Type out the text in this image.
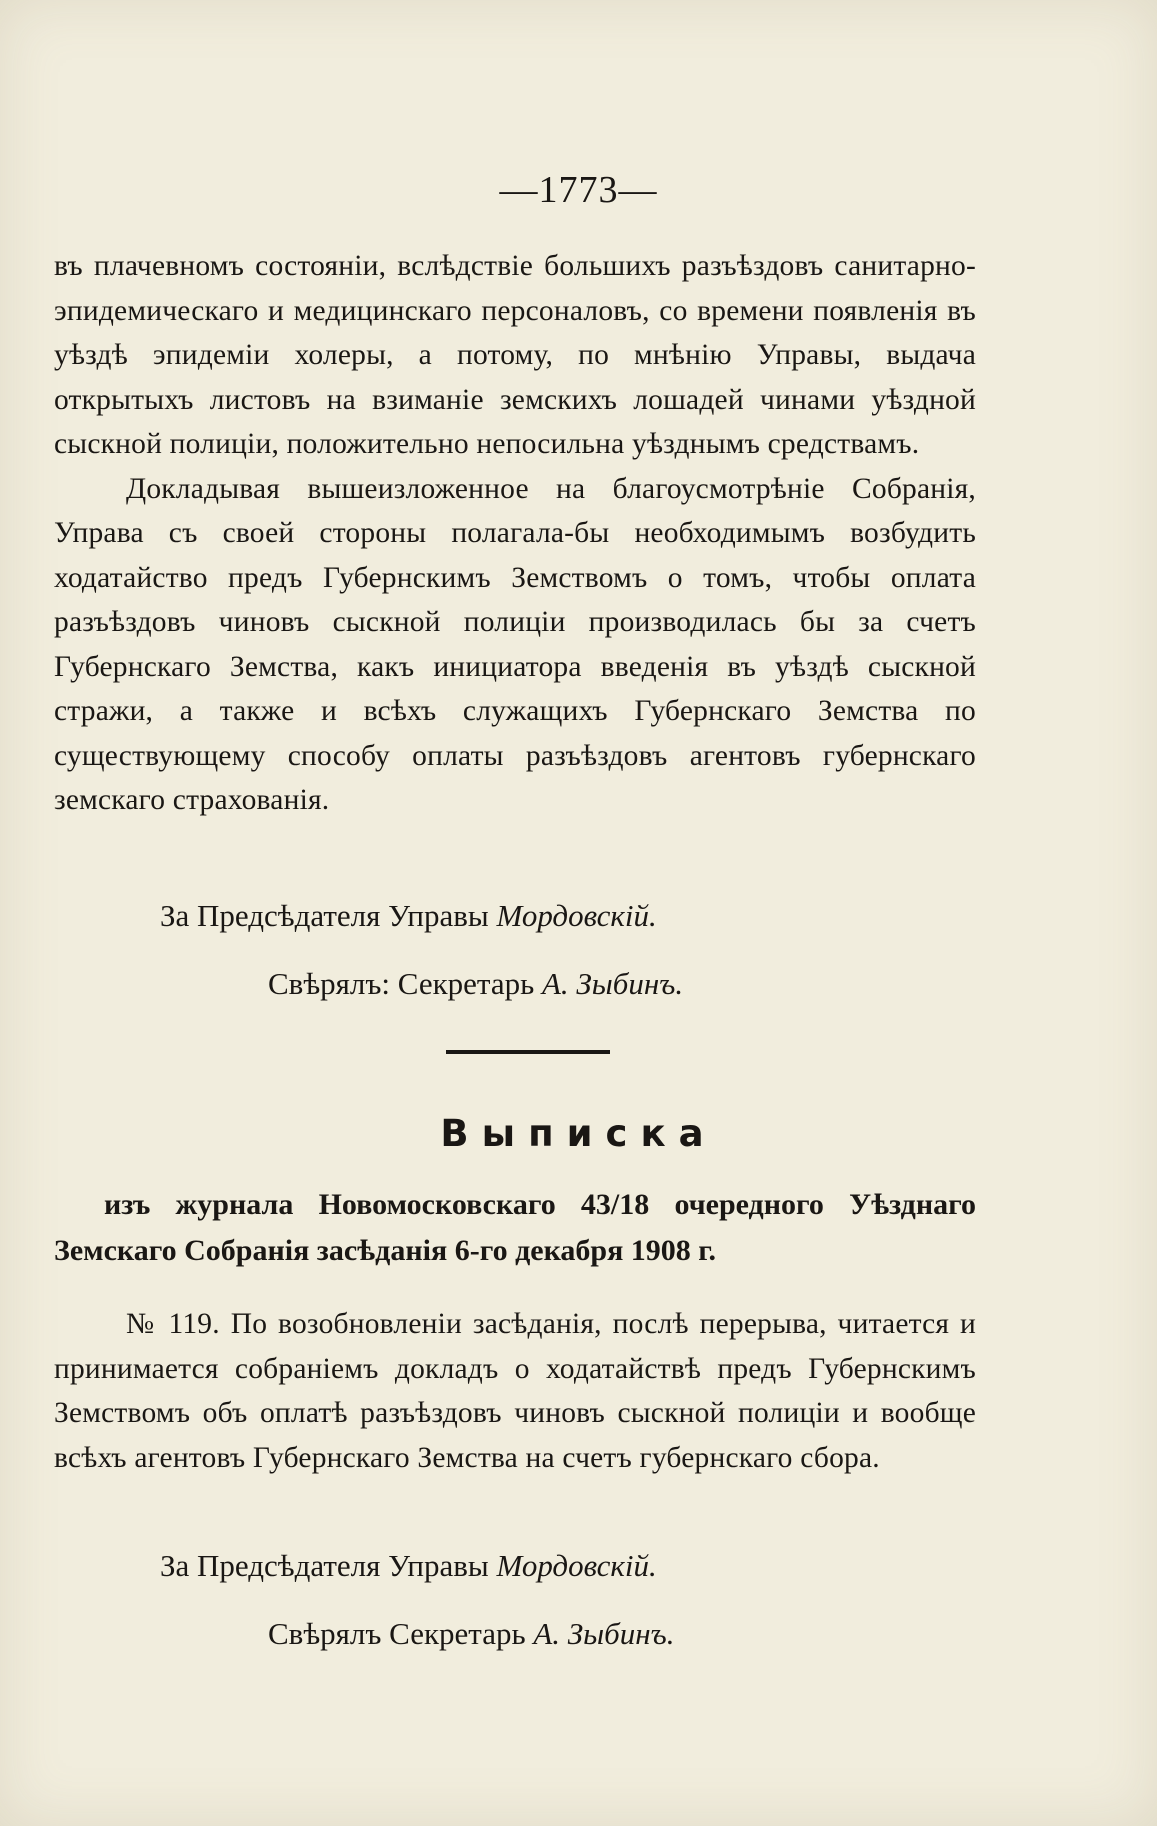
—1773—

въ плачевномъ состоянiи, вслѣдствiе большихъ разъѣздовъ санитарно-эпидемическаго и медицинскаго персоналовъ, со времени появленiя въ уѣздѣ эпидемiи холеры, а потому, по мнѣнiю Управы, выдача открытыхъ листовъ на взиманiе земскихъ лошадей чинами уѣздной сыскной полицiи, положительно непосильна уѣзднымъ средствамъ.

Докладывая вышеизложенное на благоусмотрѣнiе Собранiя, Управа съ своей стороны полагала-бы необходимымъ возбудить ходатайство предъ Губернскимъ Земствомъ о томъ, чтобы оплата разъѣздовъ чиновъ сыскной полицiи производилась бы за счетъ Губернскаго Земства, какъ инициатора введенiя въ уѣздѣ сыскной стражи, а также и всѣхъ служащихъ Губернскаго Земства по существующему способу оплаты разъѣздовъ агентовъ губернскаго земскаго страхованiя.

За Предсѣдателя Управы Мордовскiй.
Свѣрялъ: Секретарь А. Зыбинъ.
Выписка

изъ журнала Новомосковскаго 43/18 очередного Уѣзднаго Земскаго Собранiя засѣданiя 6-го декабря 1908 г.

№ 119. По возобновленiи засѣданiя, послѣ перерыва, читается и принимается собранiемъ докладъ о ходатайствѣ предъ Губернскимъ Земствомъ объ оплатѣ разъѣздовъ чиновъ сыскной полицiи и вообще всѣхъ агентовъ Губернскаго Земства на счетъ губернскаго сбора.

За Предсѣдателя Управы Мордовскiй.
Свѣрялъ Секретарь А. Зыбинъ.
